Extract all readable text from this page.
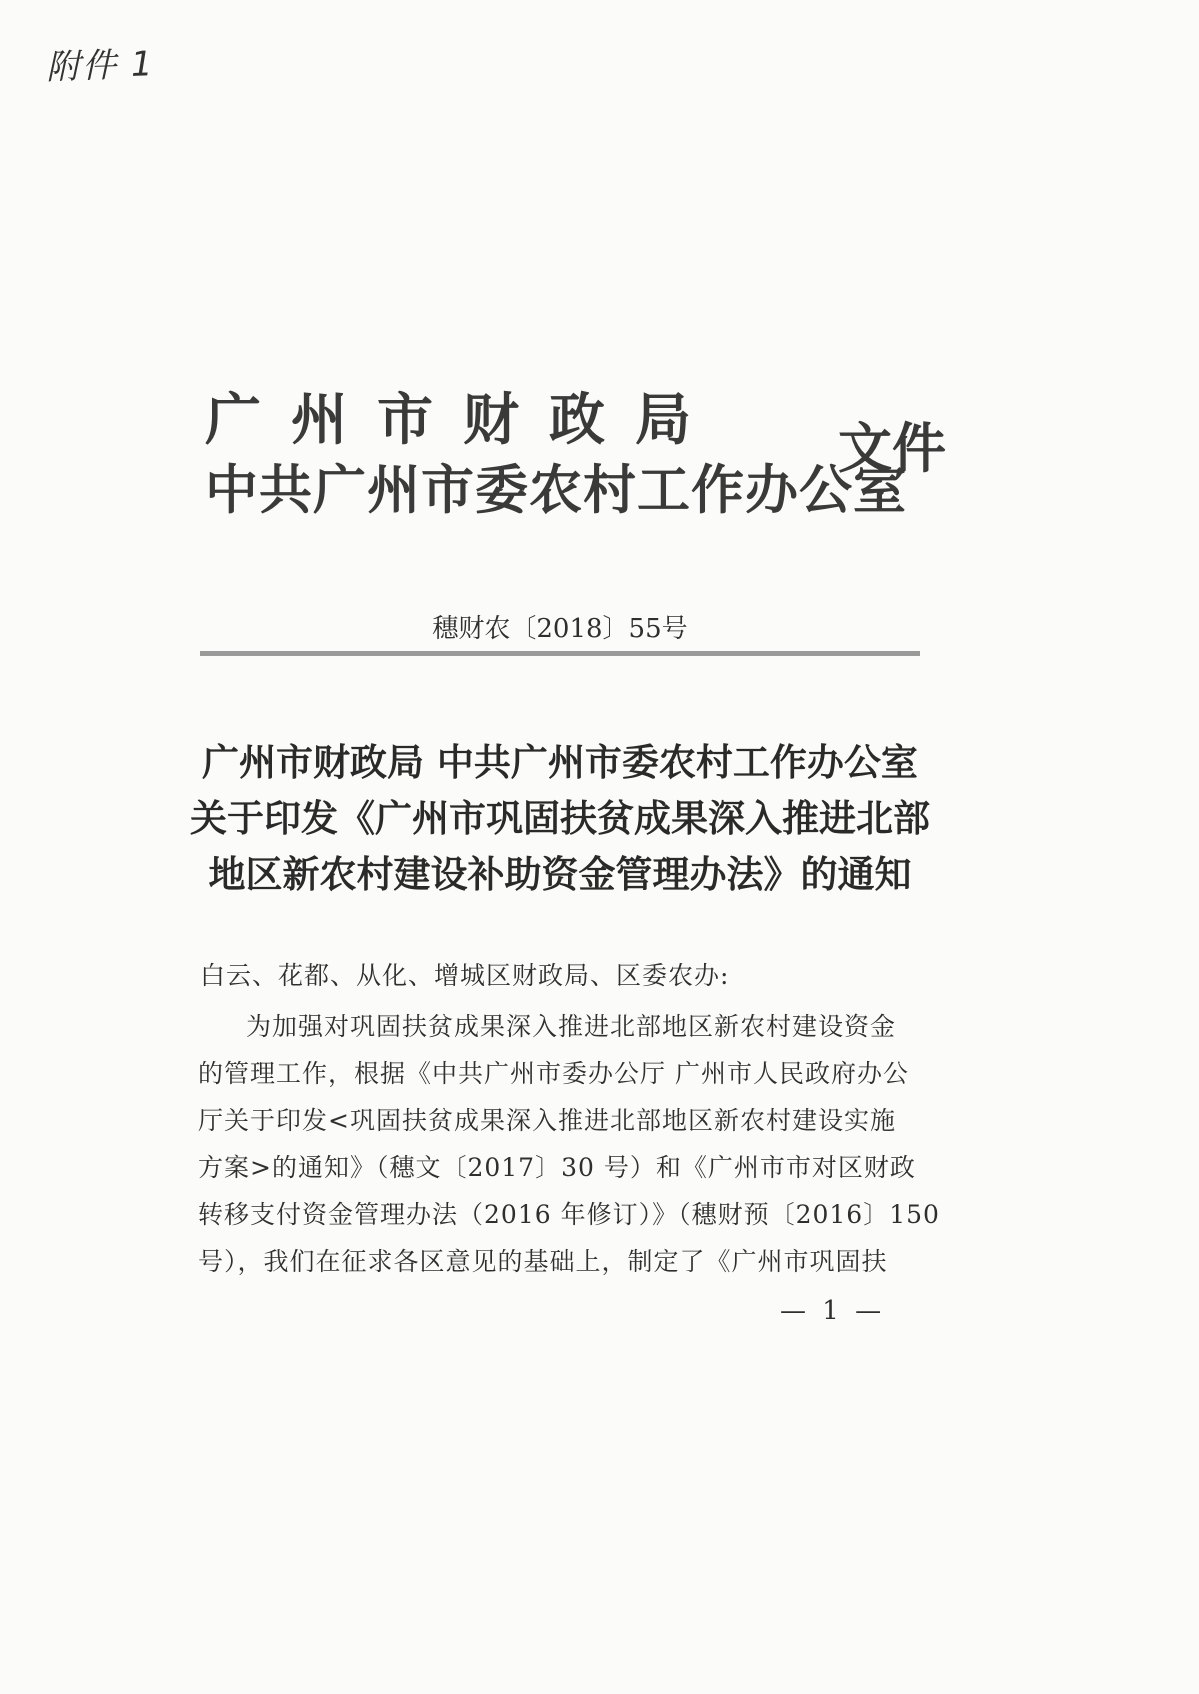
附件 1
广州市财政局
中共广州市委农村工作办公室
文件
穗财农〔2018〕55号
广州市财政局 中共广州市委农村工作办公室
关于印发《广州市巩固扶贫成果深入推进北部
地区新农村建设补助资金管理办法》的通知
白云、花都、从化、增城区财政局、区委农办:
为加强对巩固扶贫成果深入推进北部地区新农村建设资金
的管理工作，根据《中共广州市委办公厅 广州市人民政府办公
厅关于印发<巩固扶贫成果深入推进北部地区新农村建设实施
方案>的通知》（穗文〔2017〕30 号）和《广州市市对区财政
转移支付资金管理办法（2016 年修订）》（穗财预〔2016〕150
号），我们在征求各区意见的基础上，制定了《广州市巩固扶
— 1 —
